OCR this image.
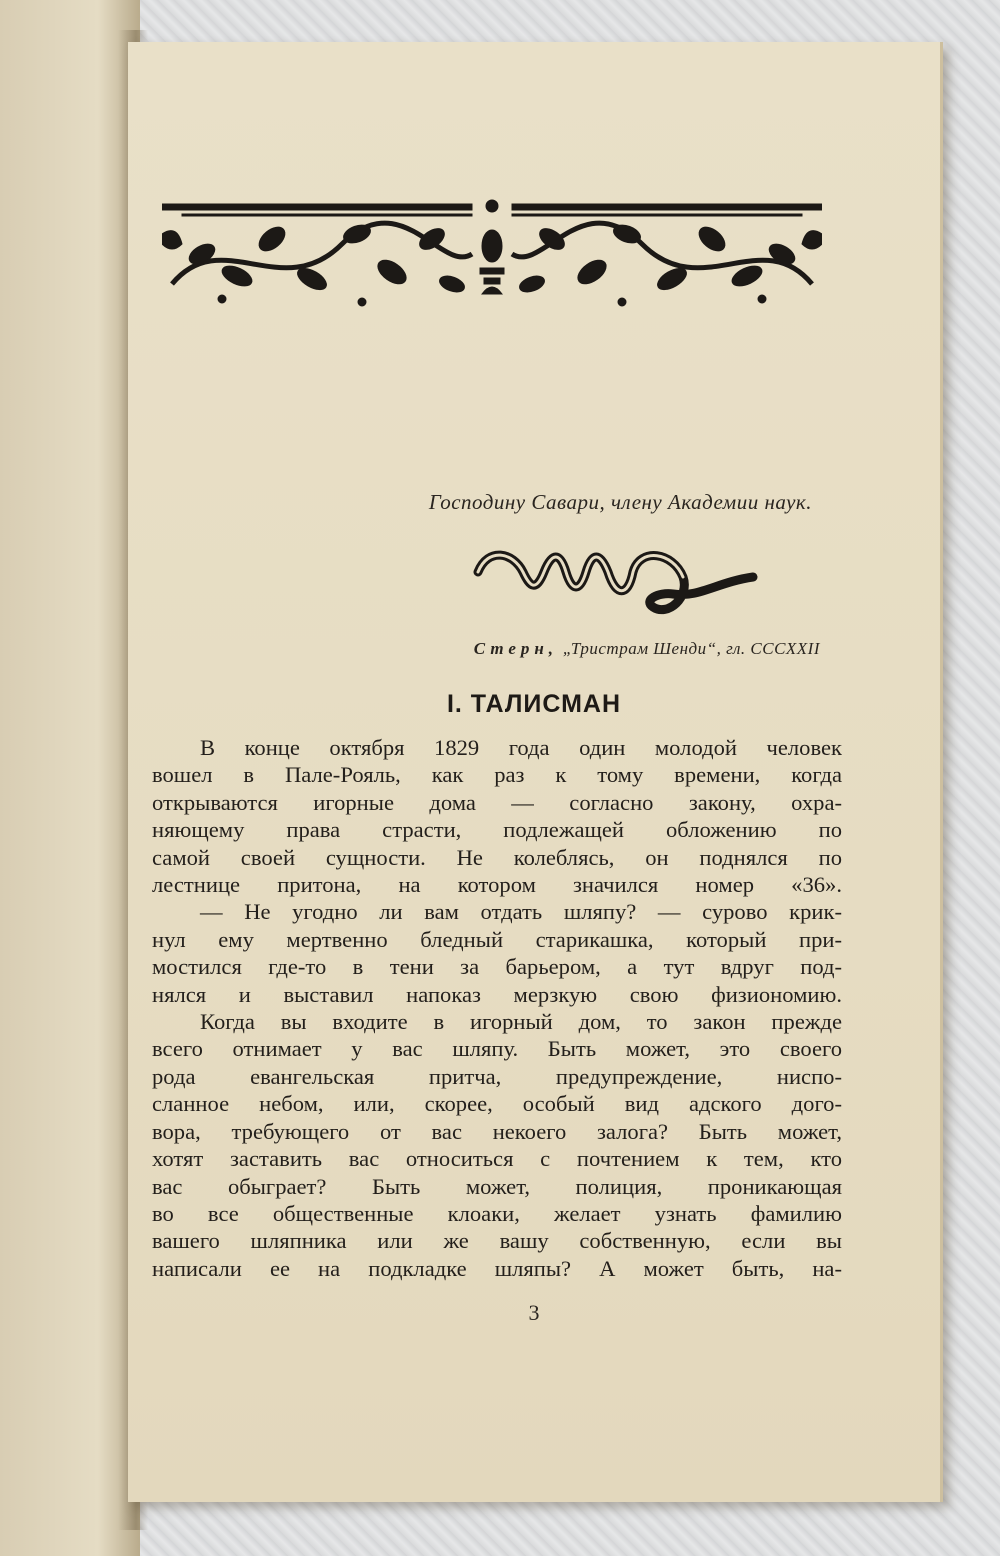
Господину Савари, члену Академии наук.
Стерн, „Тристрам Шенди“, гл. CCCXXII
I. ТАЛИСМАН
В конце октября 1829 года один молодой человек
вошел в Пале-Рояль, как раз к тому времени, когда
открываются игорные дома — согласно закону, охра-
няющему права страсти, подлежащей обложению по
самой своей сущности. Не колеблясь, он поднялся по
лестнице притона, на котором значился номер «36».
— Не угодно ли вам отдать шляпу? — сурово крик-
нул ему мертвенно бледный старикашка, который при-
мостился где-то в тени за барьером, а тут вдруг под-
нялся и выставил напоказ мерзкую свою физиономию.
Когда вы входите в игорный дом, то закон прежде
всего отнимает у вас шляпу. Быть может, это своего
рода евангельская притча, предупреждение, ниспо-
сланное небом, или, скорее, особый вид адского дого-
вора, требующего от вас некоего залога? Быть может,
хотят заставить вас относиться с почтением к тем, кто
вас обыграет? Быть может, полиция, проникающая
во все общественные клоаки, желает узнать фамилию
вашего шляпника или же вашу собственную, если вы
написали ее на подкладке шляпы? А может быть, на-
3
